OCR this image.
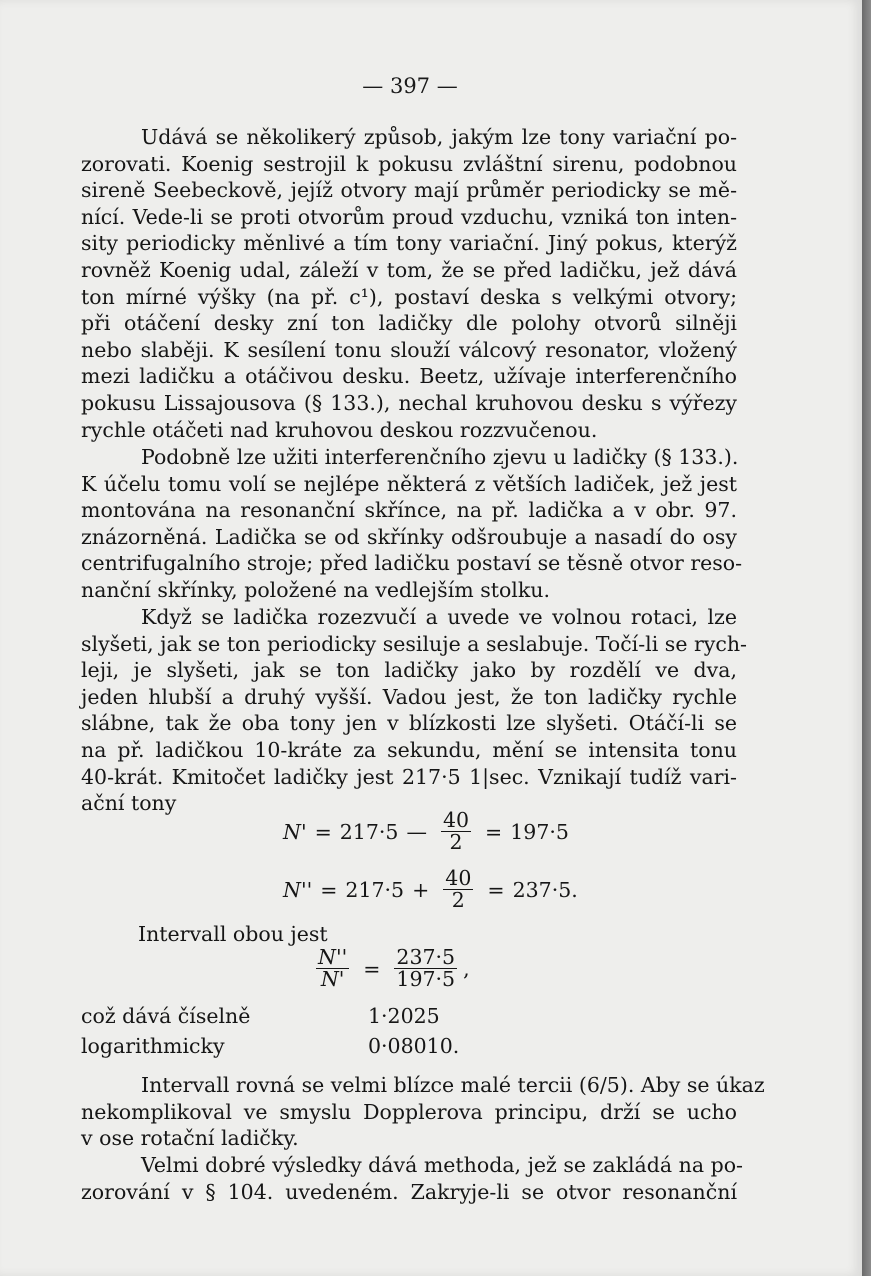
— 397 —
Udává se několikerý způsob, jakým lze tony variační po-
zorovati. Koenig sestrojil k pokusu zvláštní sirenu, podobnou
sireně Seebeckově, jejíž otvory mají průměr periodicky se mě-
nící. Vede-li se proti otvorům proud vzduchu, vzniká ton inten-
sity periodicky měnlivé a tím tony variační. Jiný pokus, kterýž
rovněž Koenig udal, záleží v tom, že se před ladičku, jež dává
ton mírné výšky (na př. c¹), postaví deska s velkými otvory;
při otáčení desky zní ton ladičky dle polohy otvorů silněji
nebo slaběji. K sesílení tonu slouží válcový resonator, vložený
mezi ladičku a otáčivou desku. Beetz, užívaje interferenčního
pokusu Lissajousova (§ 133.), nechal kruhovou desku s výřezy
rychle otáčeti nad kruhovou deskou rozzvučenou.
Podobně lze užiti interferenčního zjevu u ladičky (§ 133.).
K účelu tomu volí se nejlépe některá z větších ladiček, jež jest
montována na resonanční skřínce, na př. ladička a v obr. 97.
znázorněná. Ladička se od skřínky odšroubuje a nasadí do osy
centrifugalního stroje; před ladičku postaví se těsně otvor reso-
nanční skřínky, položené na vedlejším stolku.
Když se ladička rozezvučí a uvede ve volnou rotaci, lze
slyšeti, jak se ton periodicky sesiluje a seslabuje. Točí-li se rych-
leji, je slyšeti, jak se ton ladičky jako by rozdělí ve dva,
jeden hlubší a druhý vyšší. Vadou jest, že ton ladičky rychle
slábne, tak že oba tony jen v blízkosti lze slyšeti. Otáčí-li se
na př. ladičkou 10-kráte za sekundu, mění se intensita tonu
40-krát. Kmitočet ladičky jest 217·5 1|sec. Vznikají tudíž vari-
ační tony
N' = 217·5 — $\frac{40}{2} = 197\cdot 5$
$N'' = 217\cdot 5 + \frac{40}{2} = 237\cdot 5$.
Intervall obou jest
$\frac{N''}{N'} = \frac{237\cdot 5}{197\cdot 5}$ ,
což dává číselně	1·2025
logarithmicky	0·08010.
Intervall rovná se velmi blízce malé tercii (6/5). Aby se úkaz
nekomplikoval ve smyslu Dopplerova principu, drží se ucho
v ose rotační ladičky.
Velmi dobré výsledky dává methoda, jež se zakládá na po-
zorování v § 104. uvedeném. Zakryje-li se otvor resonanční
